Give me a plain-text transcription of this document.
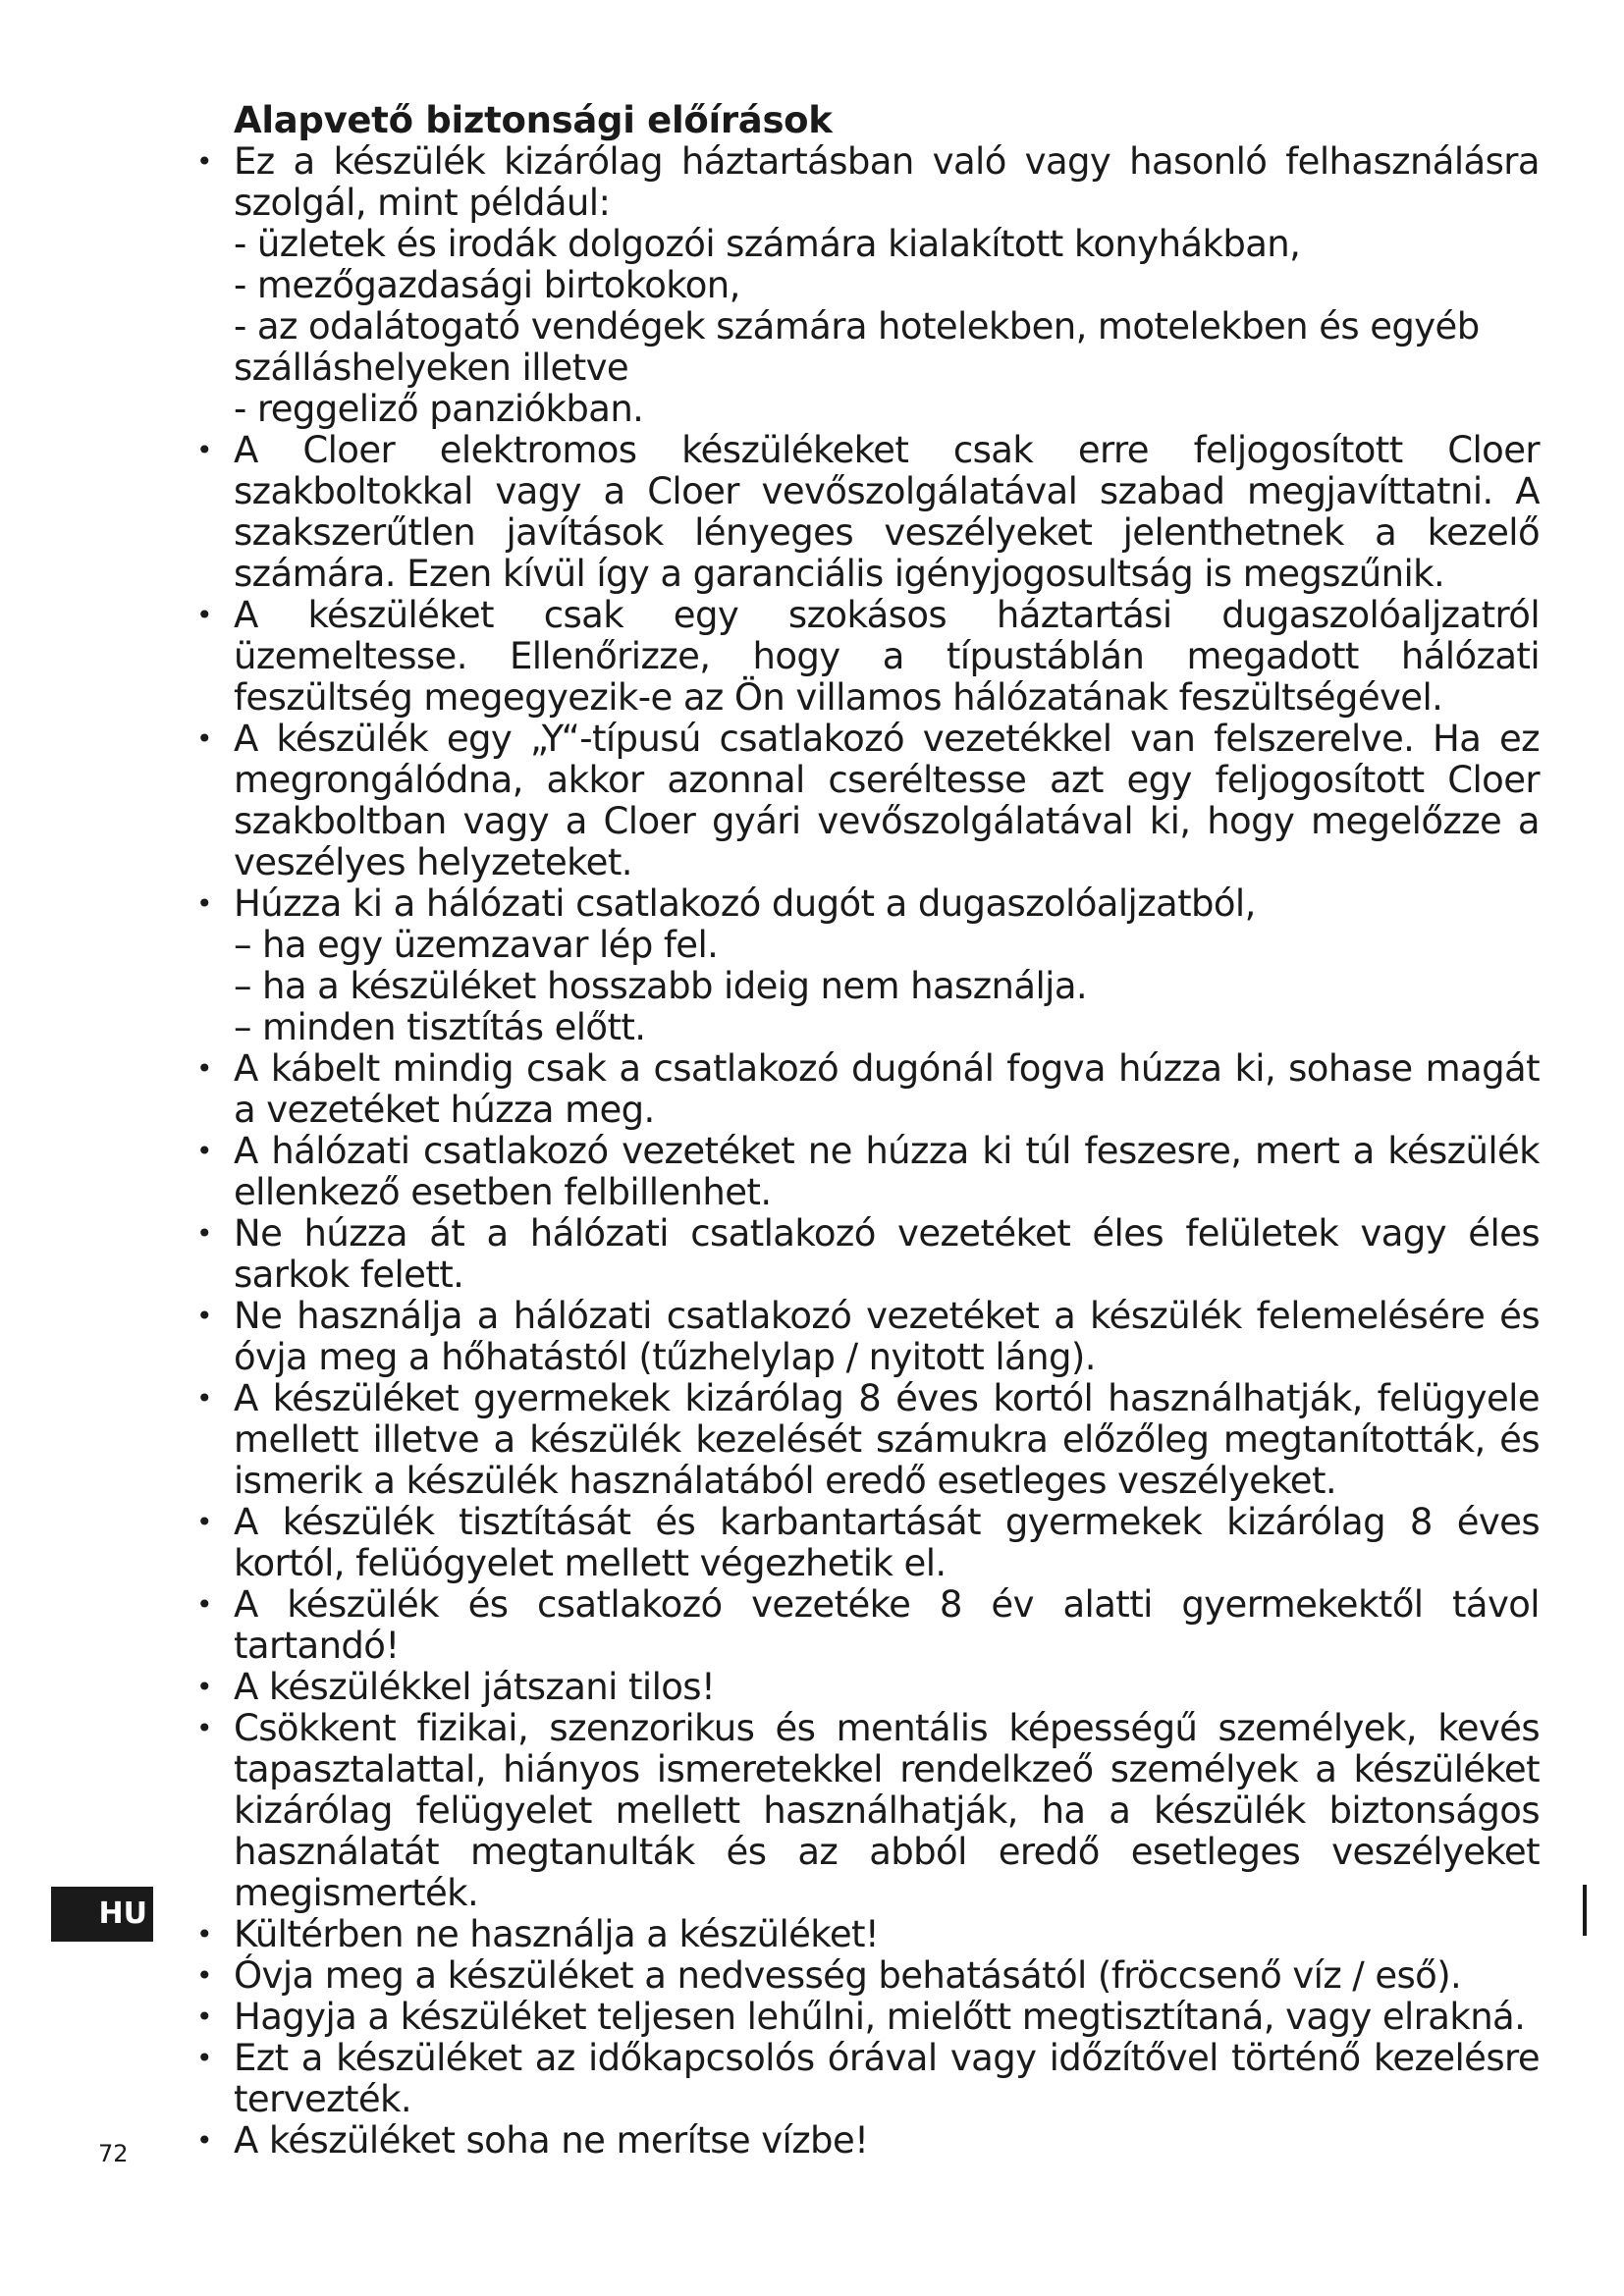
Alapvető biztonsági előírások
• Ez a készülék kizárólag háztartásban való vagy hasonló felhasználásra szolgál, mint például:
- üzletek és irodák dolgozói számára kialakított konyhákban,
- mezőgazdasági birtokokon,
- az odalátogató vendégek számára hotelekben, motelekben és egyéb szálláshelyeken illetve
- reggeliző panziókban.
• A Cloer elektromos készülékeket csak erre feljogosított Cloer szakboltokkal vagy a Cloer vevőszolgálatával szabad megjavíttatni. A szakszerűtlen javítások lényeges veszélyeket jelenthetnek a kezelő számára. Ezen kívül így a garanciális igényjogosultság is megszűnik.
• A készüléket csak egy szokásos háztartási dugaszolóaljzatról üzemeltesse. Ellenőrizze, hogy a típustáblán megadott hálózati feszültség megegyezik-e az Ön villamos hálózatának feszültségével.
• A készülék egy „Y“-típusú csatlakozó vezetékkel van felszerelve. Ha ez megrongálódna, akkor azonnal cseréltesse azt egy feljogosított Cloer szakboltban vagy a Cloer gyári vevőszolgálatával ki, hogy megelőzze a veszélyes helyzeteket.
• Húzza ki a hálózati csatlakozó dugót a dugaszolóaljzatból,
– ha egy üzemzavar lép fel.
– ha a készüléket hosszabb ideig nem használja.
– minden tisztítás előtt.
• A kábelt mindig csak a csatlakozó dugónál fogva húzza ki, sohase magát a vezetéket húzza meg.
• A hálózati csatlakozó vezetéket ne húzza ki túl feszesre, mert a készülék ellenkező esetben felbillenhet.
• Ne húzza át a hálózati csatlakozó vezetéket éles felületek vagy éles sarkok felett.
• Ne használja a hálózati csatlakozó vezetéket a készülék felemelésére és óvja meg a hőhatástól (tűzhelylap / nyitott láng).
• A készüléket gyermekek kizárólag 8 éves kortól használhatják, felügyele mellett illetve a készülék kezelését számukra előzőleg megtanították, és ismerik a készülék használatából eredő esetleges veszélyeket.
• A készülék tisztítását és karbantartását gyermekek kizárólag 8 éves kortól, felüógyelet mellett végezhetik el.
• A készülék és csatlakozó vezetéke 8 év alatti gyermekektől távol tartandó!
• A készülékkel játszani tilos!
• Csökkent fizikai, szenzorikus és mentális képességű személyek, kevés tapasztalattal, hiányos ismeretekkel rendelkzeő személyek a készüléket kizárólag felügyelet mellett használhatják, ha a készülék biztonságos használatát megtanulták és az abból eredő esetleges veszélyeket megismerték.
• Kültérben ne használja a készüléket!
• Óvja meg a készüléket a nedvesség behatásától (fröccsenő víz / eső).
• Hagyja a készüléket teljesen lehűlni, mielőtt megtisztítaná, vagy elrakná.
• Ezt a készüléket az időkapcsolós órával vagy időzítővel történő kezelésre tervezték.
• A készüléket soha ne merítse vízbe!
HU
72
